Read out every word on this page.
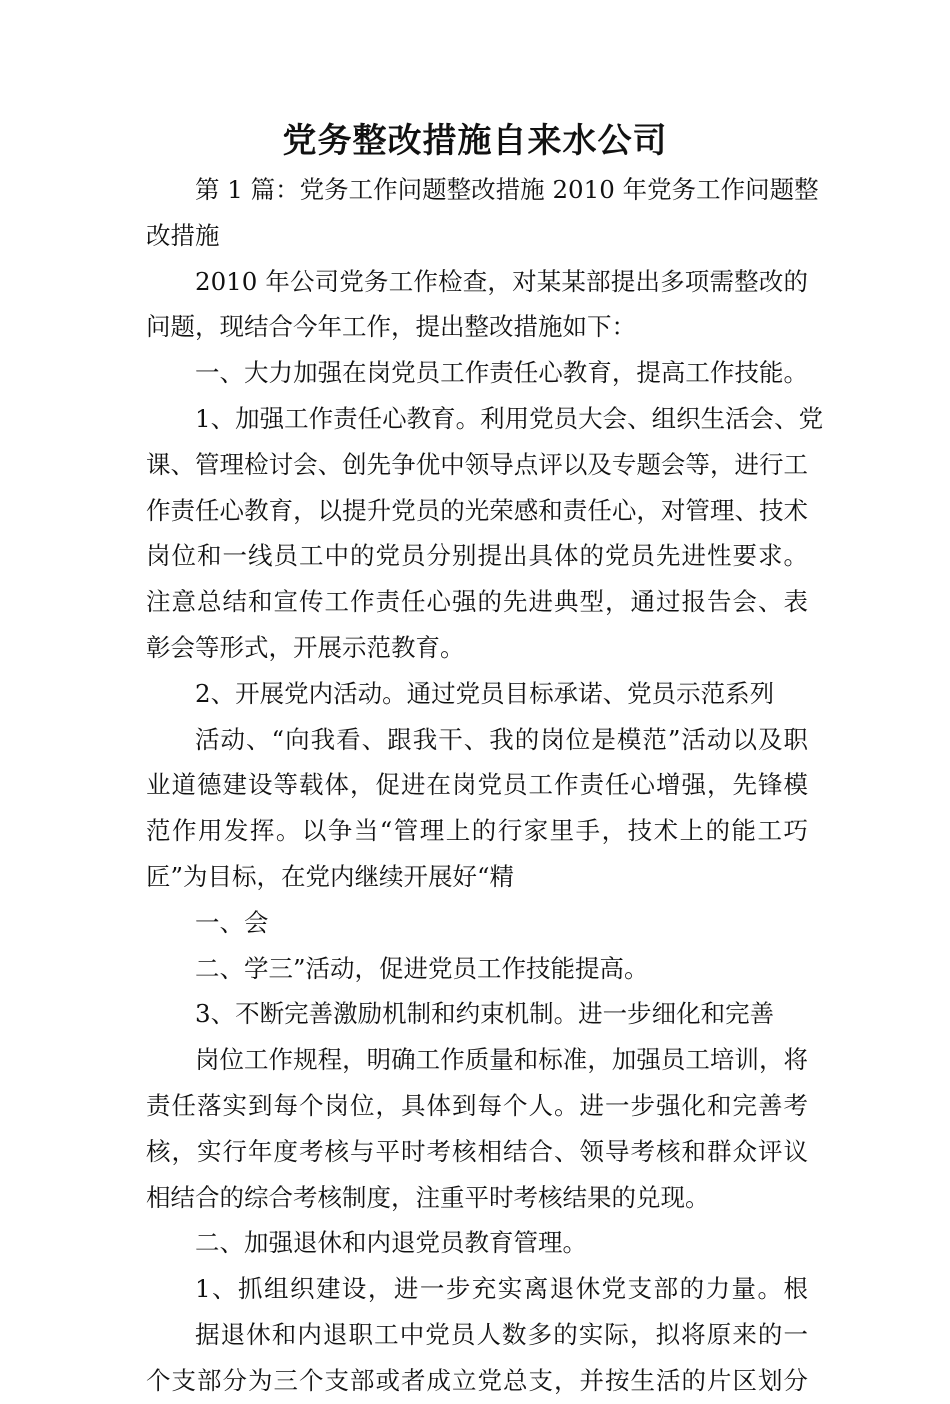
党务整改措施自来水公司
第 1 篇：党务工作问题整改措施 2010 年党务工作问题整
改措施
2010 年公司党务工作检查，对某某部提出多项需整改的
问题，现结合今年工作，提出整改措施如下：
一、大力加强在岗党员工作责任心教育，提高工作技能。
1、加强工作责任心教育。利用党员大会、组织生活会、党
课、管理检讨会、创先争优中领导点评以及专题会等，进行工
作责任心教育，以提升党员的光荣感和责任心，对管理、技术
岗位和一线员工中的党员分别提出具体的党员先进性要求。
注意总结和宣传工作责任心强的先进典型，通过报告会、表
彰会等形式，开展示范教育。
2、开展党内活动。通过党员目标承诺、党员示范系列
活动、“向我看、跟我干、我的岗位是模范”活动以及职
业道德建设等载体，促进在岗党员工作责任心增强，先锋模
范作用发挥。以争当“管理上的行家里手，技术上的能工巧
匠”为目标，在党内继续开展好“精
一、会
二、学三”活动，促进党员工作技能提高。
3、不断完善激励机制和约束机制。进一步细化和完善
岗位工作规程，明确工作质量和标准，加强员工培训，将
责任落实到每个岗位，具体到每个人。进一步强化和完善考
核，实行年度考核与平时考核相结合、领导考核和群众评议
相结合的综合考核制度，注重平时考核结果的兑现。
二、加强退休和内退党员教育管理。
1、抓组织建设，进一步充实离退休党支部的力量。根
据退休和内退职工中党员人数多的实际，拟将原来的一
个支部分为三个支部或者成立党总支，并按生活的片区划分
